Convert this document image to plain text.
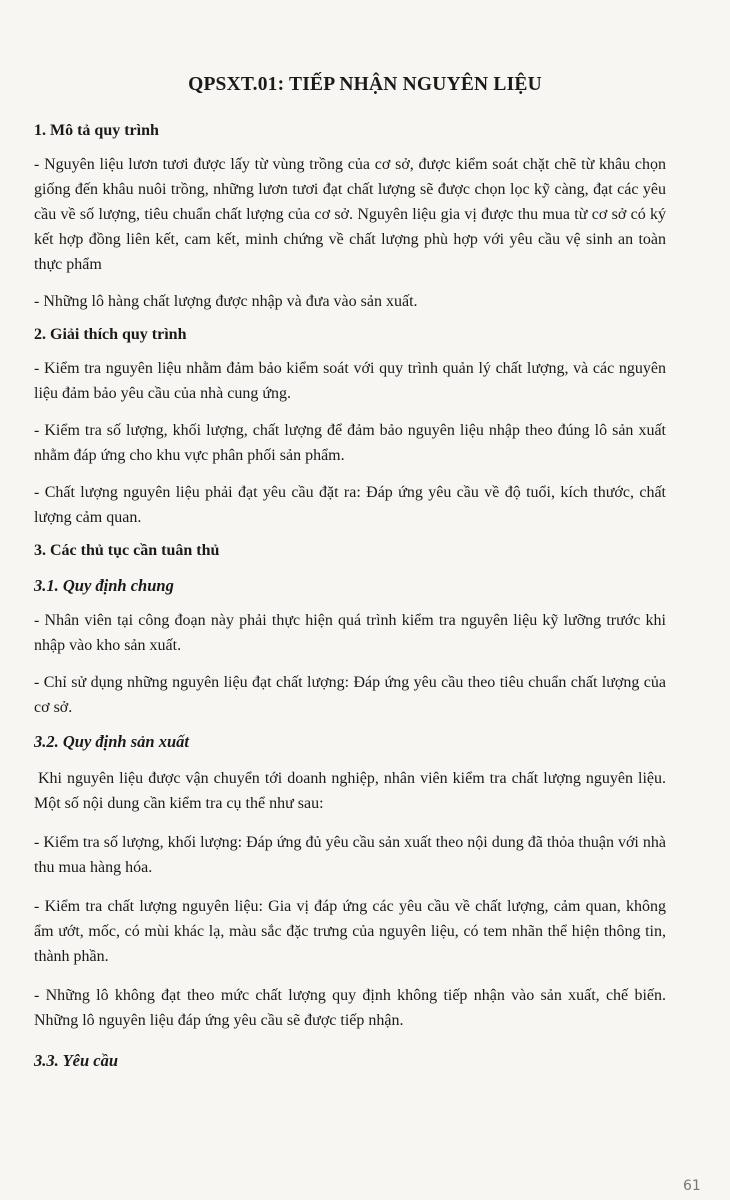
QPSXT.01: TIẾP NHẬN NGUYÊN LIỆU

1. Mô tả quy trình

- Nguyên liệu lươn tươi được lấy từ vùng trồng của cơ sở, được kiểm soát chặt chẽ từ khâu chọn giống đến khâu nuôi trồng, những lươn tươi đạt chất lượng sẽ được chọn lọc kỹ càng, đạt các yêu cầu về số lượng, tiêu chuẩn chất lượng của cơ sở. Nguyên liệu gia vị được thu mua từ cơ sở có ký kết hợp đồng liên kết, cam kết, minh chứng về chất lượng phù hợp với yêu cầu vệ sinh an toàn thực phẩm

- Những lô hàng chất lượng được nhập và đưa vào sản xuất.

2. Giải thích quy trình

- Kiểm tra nguyên liệu nhằm đảm bảo kiểm soát với quy trình quản lý chất lượng, và các nguyên liệu đảm bảo yêu cầu của nhà cung ứng.

- Kiểm tra số lượng, khối lượng, chất lượng để đảm bảo nguyên liệu nhập theo đúng lô sản xuất nhằm đáp ứng cho khu vực phân phối sản phẩm.

- Chất lượng nguyên liệu phải đạt yêu cầu đặt ra: Đáp ứng yêu cầu về độ tuổi, kích thước, chất lượng cảm quan.

3. Các thủ tục cần tuân thủ

3.1. Quy định chung

- Nhân viên tại công đoạn này phải thực hiện quá trình kiểm tra nguyên liệu kỹ lưỡng trước khi nhập vào kho sản xuất.

- Chỉ sử dụng những nguyên liệu đạt chất lượng: Đáp ứng yêu cầu theo tiêu chuẩn chất lượng của cơ sở.

3.2. Quy định sản xuất

Khi nguyên liệu được vận chuyển tới doanh nghiệp, nhân viên kiểm tra chất lượng nguyên liệu. Một số nội dung cần kiểm tra cụ thể như sau:

- Kiểm tra số lượng, khối lượng: Đáp ứng đủ yêu cầu sản xuất theo nội dung đã thỏa thuận với nhà thu mua hàng hóa.

- Kiểm tra chất lượng nguyên liệu: Gia vị đáp ứng các yêu cầu về chất lượng, cảm quan, không ẩm ướt, mốc, có mùi khác lạ, màu sắc đặc trưng của nguyên liệu, có tem nhãn thể hiện thông tin, thành phần.

- Những lô không đạt theo mức chất lượng quy định không tiếp nhận vào sản xuất, chế biến. Những lô nguyên liệu đáp ứng yêu cầu sẽ được tiếp nhận.

3.3. Yêu cầu

61
